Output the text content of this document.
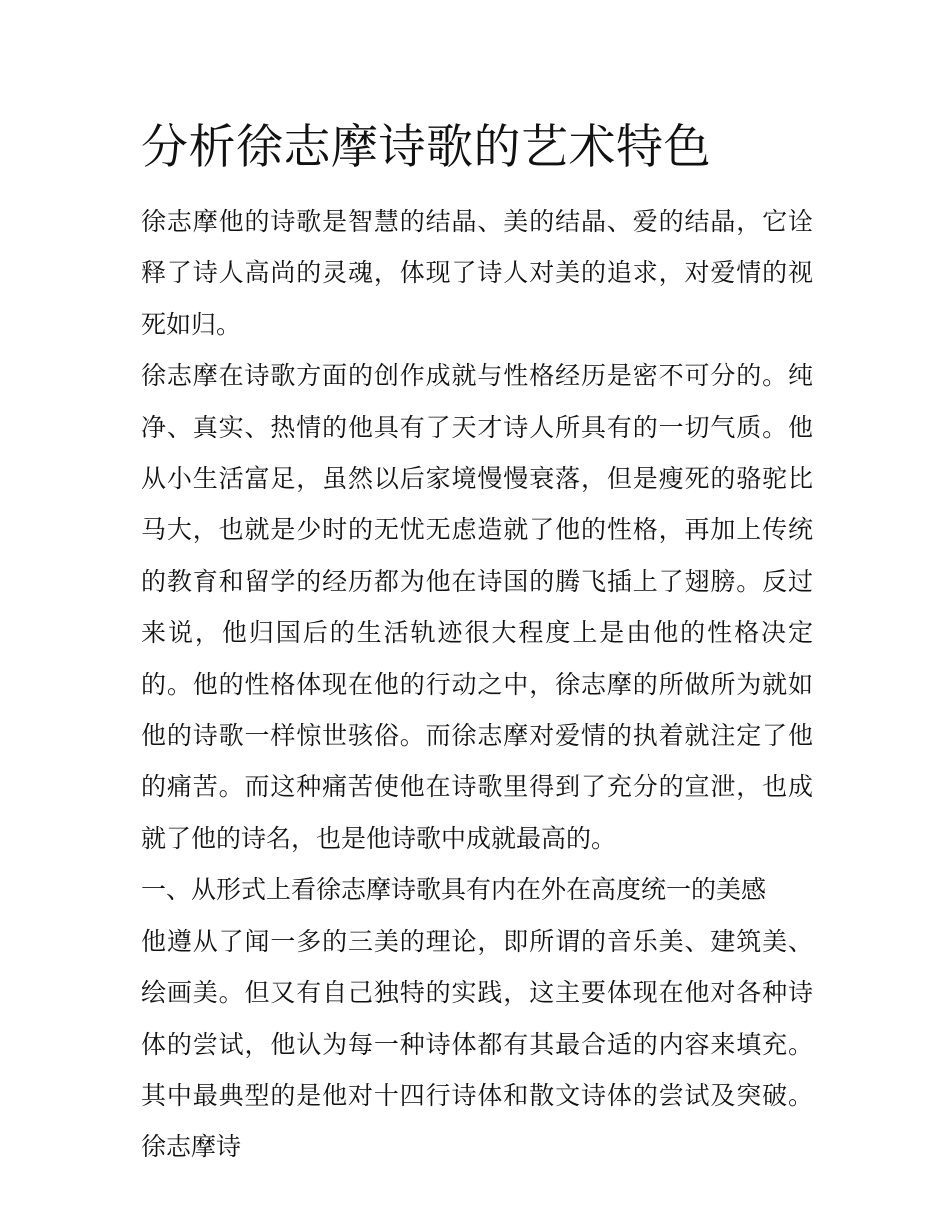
分析徐志摩诗歌的艺术特色

徐志摩他的诗歌是智慧的结晶、美的结晶、爱的结晶，它诠释了诗人高尚的灵魂，体现了诗人对美的追求，对爱情的视死如归。

徐志摩在诗歌方面的创作成就与性格经历是密不可分的。纯净、真实、热情的他具有了天才诗人所具有的一切气质。他从小生活富足，虽然以后家境慢慢衰落，但是瘦死的骆驼比马大，也就是少时的无忧无虑造就了他的性格，再加上传统的教育和留学的经历都为他在诗国的腾飞插上了翅膀。反过来说，他归国后的生活轨迹很大程度上是由他的性格决定的。他的性格体现在他的行动之中，徐志摩的所做所为就如他的诗歌一样惊世骇俗。而徐志摩对爱情的执着就注定了他的痛苦。而这种痛苦使他在诗歌里得到了充分的宣泄，也成就了他的诗名，也是他诗歌中成就最高的。

一、从形式上看徐志摩诗歌具有内在外在高度统一的美感

他遵从了闻一多的三美的理论，即所谓的音乐美、建筑美、绘画美。但又有自己独特的实践，这主要体现在他对各种诗体的尝试，他认为每一种诗体都有其最合适的内容来填充。其中最典型的是他对十四行诗体和散文诗体的尝试及突破。徐志摩诗
